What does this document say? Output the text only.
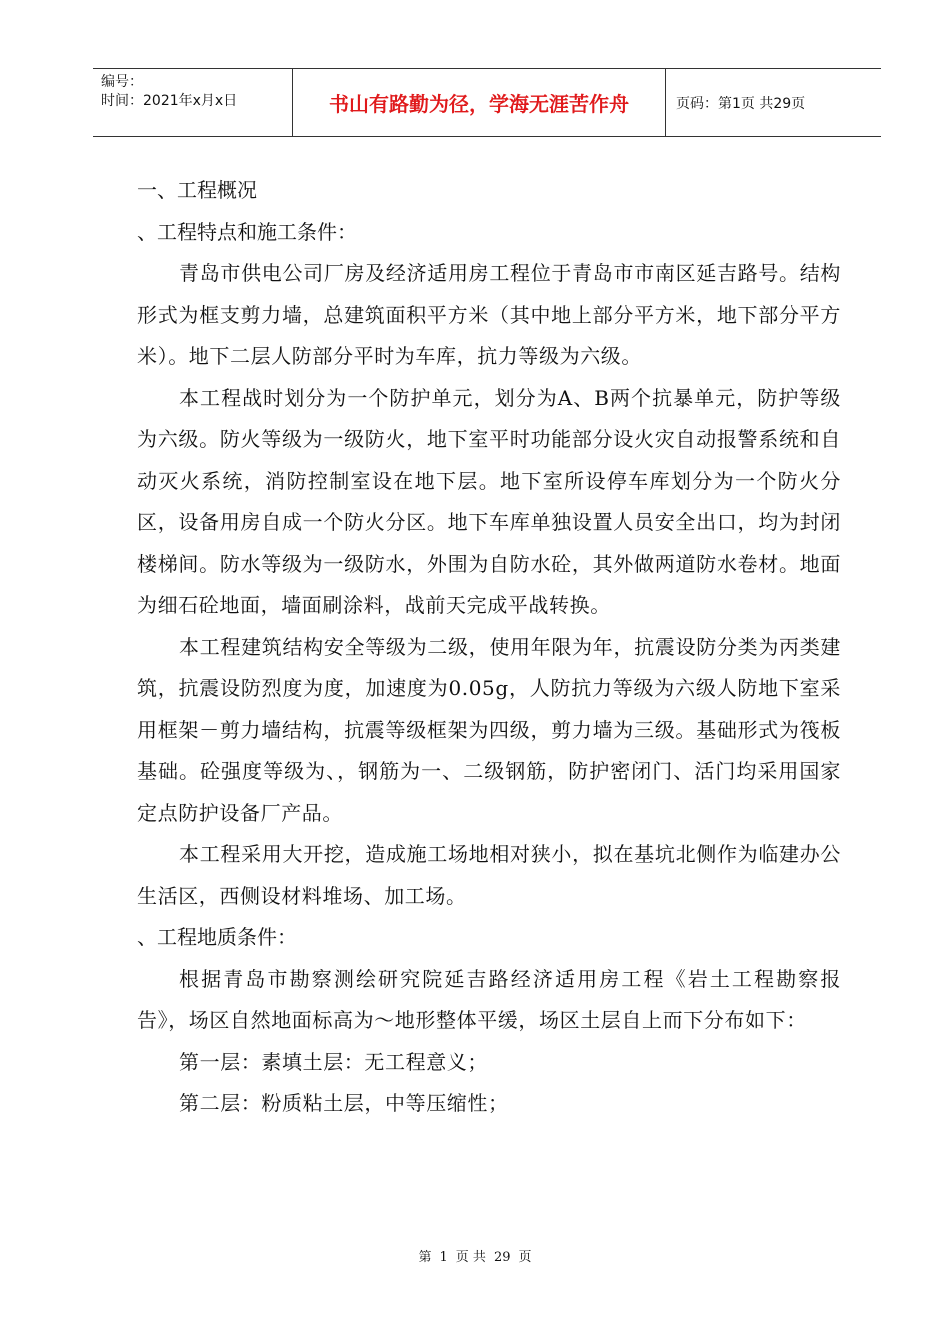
编号：
时间：2021年x月x日	书山有路勤为径，学海无涯苦作舟	页码：第1页 共29页
一、工程概况
、工程特点和施工条件：

青岛市供电公司厂房及经济适用房工程位于青岛市市南区延吉路号。结构形式为框支剪力墙，总建筑面积平方米（其中地上部分平方米，地下部分平方米）。地下二层人防部分平时为车库，抗力等级为六级。

本工程战时划分为一个防护单元，划分为A、B两个抗暴单元，防护等级为六级。防火等级为一级防火，地下室平时功能部分设火灾自动报警系统和自动灭火系统，消防控制室设在地下层。地下室所设停车库划分为一个防火分区，设备用房自成一个防火分区。地下车库单独设置人员安全出口，均为封闭楼梯间。防水等级为一级防水，外围为自防水砼，其外做两道防水卷材。地面为细石砼地面，墙面刷涂料，战前天完成平战转换。

本工程建筑结构安全等级为二级，使用年限为年，抗震设防分类为丙类建筑，抗震设防烈度为度，加速度为0.05g，人防抗力等级为六级人防地下室采用框架－剪力墙结构，抗震等级框架为四级，剪力墙为三级。基础形式为筏板基础。砼强度等级为、，钢筋为一、二级钢筋，防护密闭门、活门均采用国家定点防护设备厂产品。

本工程采用大开挖，造成施工场地相对狭小，拟在基坑北侧作为临建办公生活区，西侧设材料堆场、加工场。

、工程地质条件：

根据青岛市勘察测绘研究院延吉路经济适用房工程《岩土工程勘察报告》，场区自然地面标高为～地形整体平缓，场区土层自上而下分布如下：

第一层：素填土层：无工程意义；

第二层：粉质粘土层，中等压缩性；

第 1 页 共 29 页
